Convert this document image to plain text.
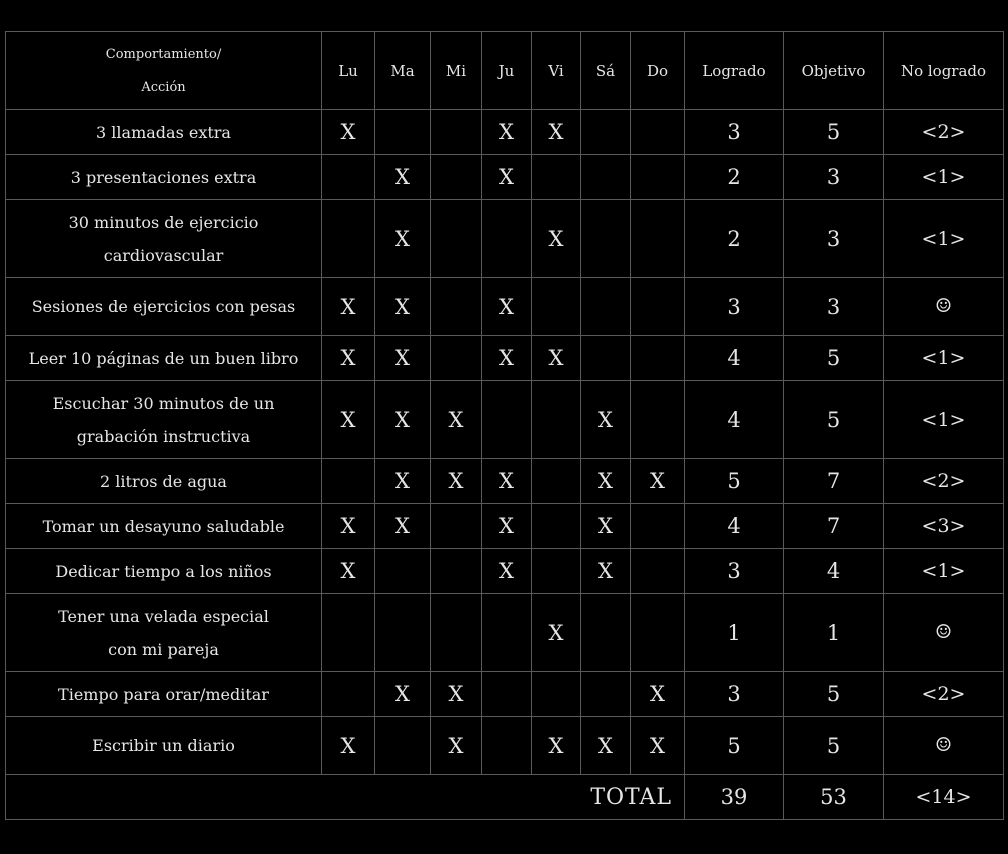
Comportamiento/
Acción	Lu	Ma	Mi	Ju	Vi	Sá	Do	Logrado	Objetivo	No logrado
3 llamadas extra	X			X	X			3	5	<2>
3 presentaciones extra		X		X				2	3	<1>
30 minutos de ejercicio
cardiovascular		X			X			2	3	<1>
Sesiones de ejercicios con pesas	X	X		X				3	3	☺
Leer 10 páginas de un buen libro	X	X		X	X			4	5	<1>
Escuchar 30 minutos de un
grabación instructiva	X	X	X			X		4	5	<1>
2 litros de agua		X	X	X		X	X	5	7	<2>
Tomar un desayuno saludable	X	X		X		X		4	7	<3>
Dedicar tiempo a los niños	X			X		X		3	4	<1>
Tener una velada especial
con mi pareja					X			1	1	☺
Tiempo para orar/meditar		X	X				X	3	5	<2>
Escribir un diario	X		X		X	X	X	5	5	☺
TOTAL								39	53	<14>
